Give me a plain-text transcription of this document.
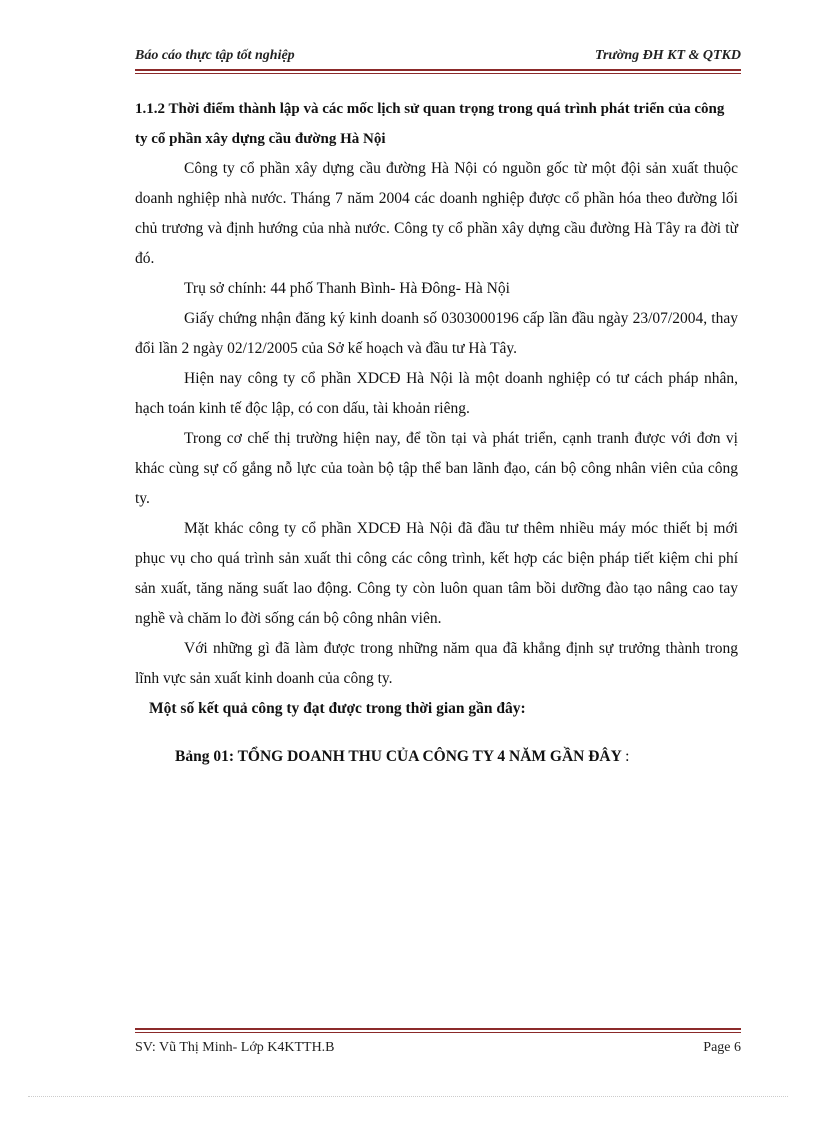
Báo cáo thực tập tốt nghiệp	Trường ĐH KT & QTKD

1.1.2 Thời điểm thành lập và các mốc lịch sử quan trọng trong quá trình phát triển của công ty cổ phần xây dựng cầu đường Hà Nội

Công ty cổ phần xây dựng cầu đường Hà Nội có nguồn gốc từ một đội sản xuất thuộc doanh nghiệp nhà nước. Tháng 7 năm 2004 các doanh nghiệp được cổ phần hóa theo đường lối chủ trương và định hướng của nhà nước. Công ty cổ phần xây dựng cầu đường Hà Tây ra đời từ đó.

Trụ sở chính: 44 phố Thanh Bình- Hà Đông- Hà Nội

Giấy chứng nhận đăng ký kinh doanh số 0303000196 cấp lần đầu ngày 23/07/2004, thay đổi lần 2 ngày 02/12/2005 của Sở kế hoạch và đầu tư Hà Tây.

Hiện nay công ty cổ phần XDCĐ Hà Nội là một doanh nghiệp có tư cách pháp nhân, hạch toán kinh tế độc lập, có con dấu, tài khoản riêng.

Trong cơ chế thị trường hiện nay, để tồn tại và phát triển, cạnh tranh được với đơn vị khác cùng sự cố gắng nỗ lực của toàn bộ tập thể ban lãnh đạo, cán bộ công nhân viên của công ty.

Mặt khác công ty cổ phần XDCĐ Hà Nội đã đầu tư thêm nhiều máy móc thiết bị mới phục vụ cho quá trình sản xuất thi công các công trình, kết hợp các biện pháp tiết kiệm chi phí sản xuất, tăng năng suất lao động. Công ty còn luôn quan tâm bồi dưỡng đào tạo nâng cao tay nghề và chăm lo đời sống cán bộ công nhân viên.

Với những gì đã làm được trong những năm qua đã khẳng định sự trưởng thành trong lĩnh vực sản xuất kinh doanh của công ty.

Một số kết quả công ty đạt được trong thời gian gần đây:

Bảng 01: TỔNG DOANH THU CỦA CÔNG TY 4 NĂM GẦN ĐÂY :

SV: Vũ Thị Minh- Lớp K4KTTH.B	Page 6
